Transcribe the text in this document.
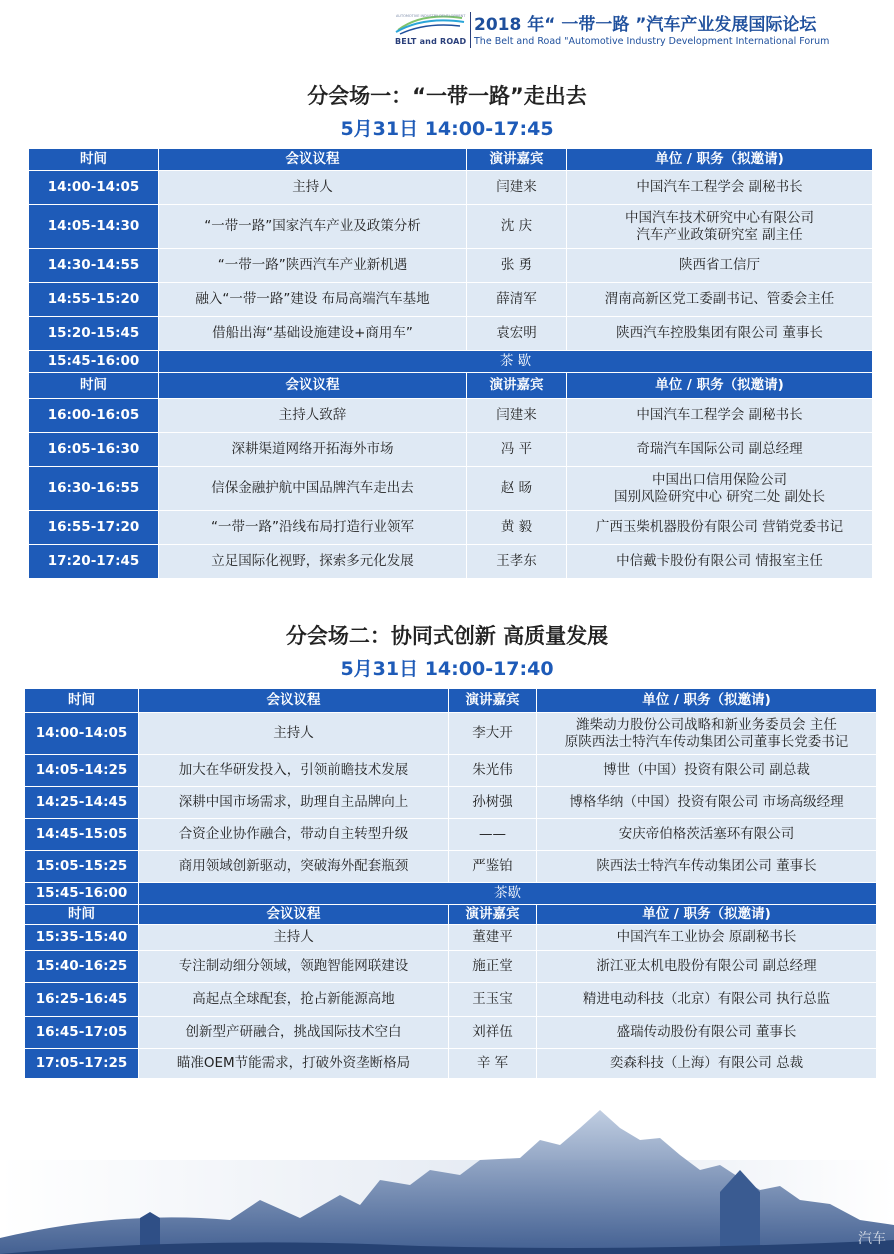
AUTOMOTIVE INDUSTRY DEVELOPMENT
BELT and ROAD
2018 年“ 一带一路 ”汽车产业发展国际论坛
The Belt and Road "Automotive Industry Development International Forum
分会场一：“一带一路”走出去
5月31日 14:00-17:45
时间	会议议程	演讲嘉宾	单位 / 职务（拟邀请)
14:00-14:05	主持人	闫建来	中国汽车工程学会 副秘书长
14:05-14:30	“一带一路”国家汽车产业及政策分析	沈 庆	中国汽车技术研究中心有限公司
汽车产业政策研究室 副主任
14:30-14:55	“一带一路”陕西汽车产业新机遇	张 勇	陕西省工信厅
14:55-15:20	融入“一带一路”建设 布局高端汽车基地	薛清军	渭南高新区党工委副书记、管委会主任
15:20-15:45	借船出海“基础设施建设+商用车”	袁宏明	陕西汽车控股集团有限公司 董事长
15:45-16:00	茶 歇		
时间	会议议程	演讲嘉宾	单位 / 职务（拟邀请)
16:00-16:05	主持人致辞	闫建来	中国汽车工程学会 副秘书长
16:05-16:30	深耕渠道网络开拓海外市场	冯 平	奇瑞汽车国际公司 副总经理
16:30-16:55	信保金融护航中国品牌汽车走出去	赵 旸	中国出口信用保险公司
国别风险研究中心 研究二处 副处长
16:55-17:20	“一带一路”沿线布局打造行业领军	黄 毅	广西玉柴机器股份有限公司 营销党委书记
17:20-17:45	立足国际化视野，探索多元化发展	王孝东	中信戴卡股份有限公司 情报室主任
分会场二：协同式创新 高质量发展
5月31日 14:00-17:40
时间	会议议程	演讲嘉宾	单位 / 职务（拟邀请)
14:00-14:05	主持人	李大开	潍柴动力股份公司战略和新业务委员会 主任
原陕西法士特汽车传动集团公司董事长党委书记
14:05-14:25	加大在华研发投入，引领前瞻技术发展	朱光伟	博世（中国）投资有限公司 副总裁
14:25-14:45	深耕中国市场需求，助理自主品牌向上	孙树强	博格华纳（中国）投资有限公司 市场高级经理
14:45-15:05	合资企业协作融合，带动自主转型升级	——	安庆帝伯格茨活塞环有限公司
15:05-15:25	商用领域创新驱动，突破海外配套瓶颈	严鉴铂	陕西法士特汽车传动集团公司 董事长
15:45-16:00	茶歇		
时间	会议议程	演讲嘉宾	单位 / 职务（拟邀请)
15:35-15:40	主持人	董建平	中国汽车工业协会 原副秘书长
15:40-16:25	专注制动细分领域，领跑智能网联建设	施正堂	浙江亚太机电股份有限公司 副总经理
16:25-16:45	高起点全球配套，抢占新能源高地	王玉宝	精进电动科技（北京）有限公司 执行总监
16:45-17:05	创新型产研融合，挑战国际技术空白	刘祥伍	盛瑞传动股份有限公司 董事长
17:05-17:25	瞄准OEM节能需求，打破外资垄断格局	辛 军	奕森科技（上海）有限公司 总裁
汽车
